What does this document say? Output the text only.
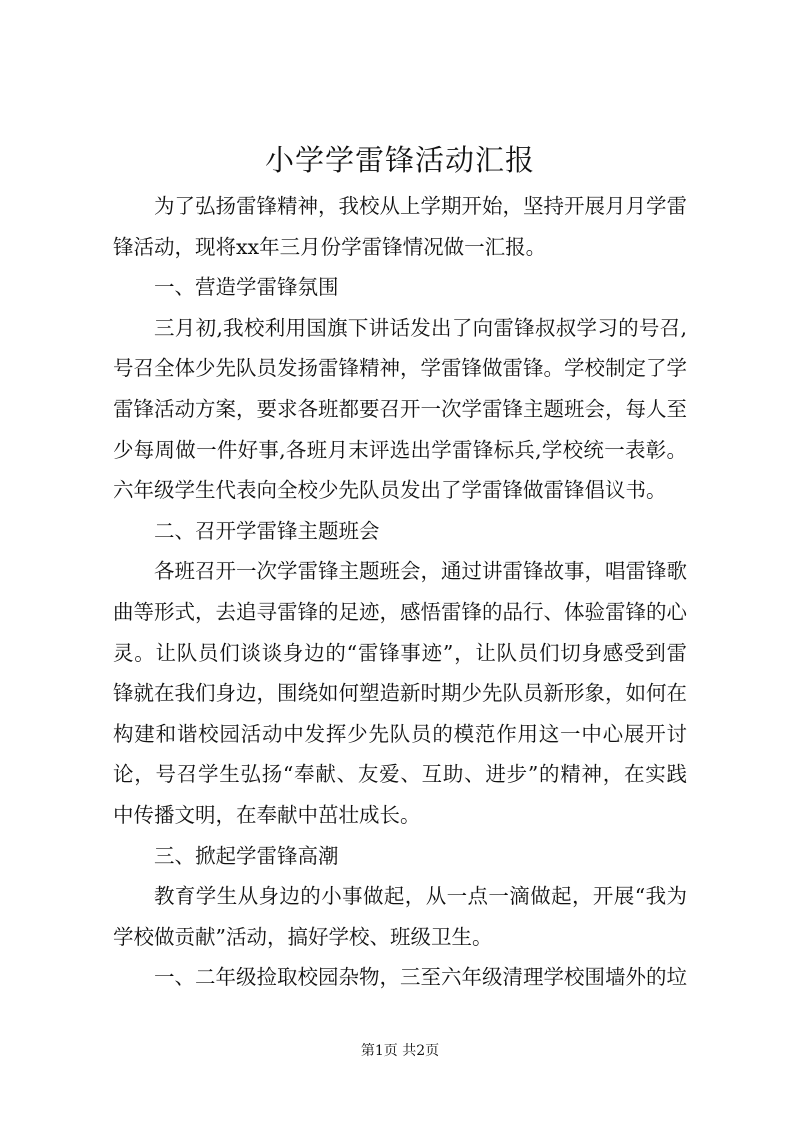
小学学雷锋活动汇报

为了弘扬雷锋精神，我校从上学期开始，坚持开展月月学雷锋活动，现将xx年三月份学雷锋情况做一汇报。

一、营造学雷锋氛围

三月初,我校利用国旗下讲话发出了向雷锋叔叔学习的号召,号召全体少先队员发扬雷锋精神，学雷锋做雷锋。学校制定了学雷锋活动方案，要求各班都要召开一次学雷锋主题班会，每人至少每周做一件好事,各班月末评选出学雷锋标兵,学校统一表彰。六年级学生代表向全校少先队员发出了学雷锋做雷锋倡议书。

二、召开学雷锋主题班会

各班召开一次学雷锋主题班会，通过讲雷锋故事，唱雷锋歌曲等形式，去追寻雷锋的足迹，感悟雷锋的品行、体验雷锋的心灵。让队员们谈谈身边的“雷锋事迹”，让队员们切身感受到雷锋就在我们身边，围绕如何塑造新时期少先队员新形象，如何在构建和谐校园活动中发挥少先队员的模范作用这一中心展开讨论，号召学生弘扬“奉献、友爱、互助、进步”的精神，在实践中传播文明，在奉献中茁壮成长。

三、掀起学雷锋高潮

教育学生从身边的小事做起，从一点一滴做起，开展“我为学校做贡献”活动，搞好学校、班级卫生。

一、二年级捡取校园杂物，三至六年级清理学校围墙外的垃

第1页 共2页
